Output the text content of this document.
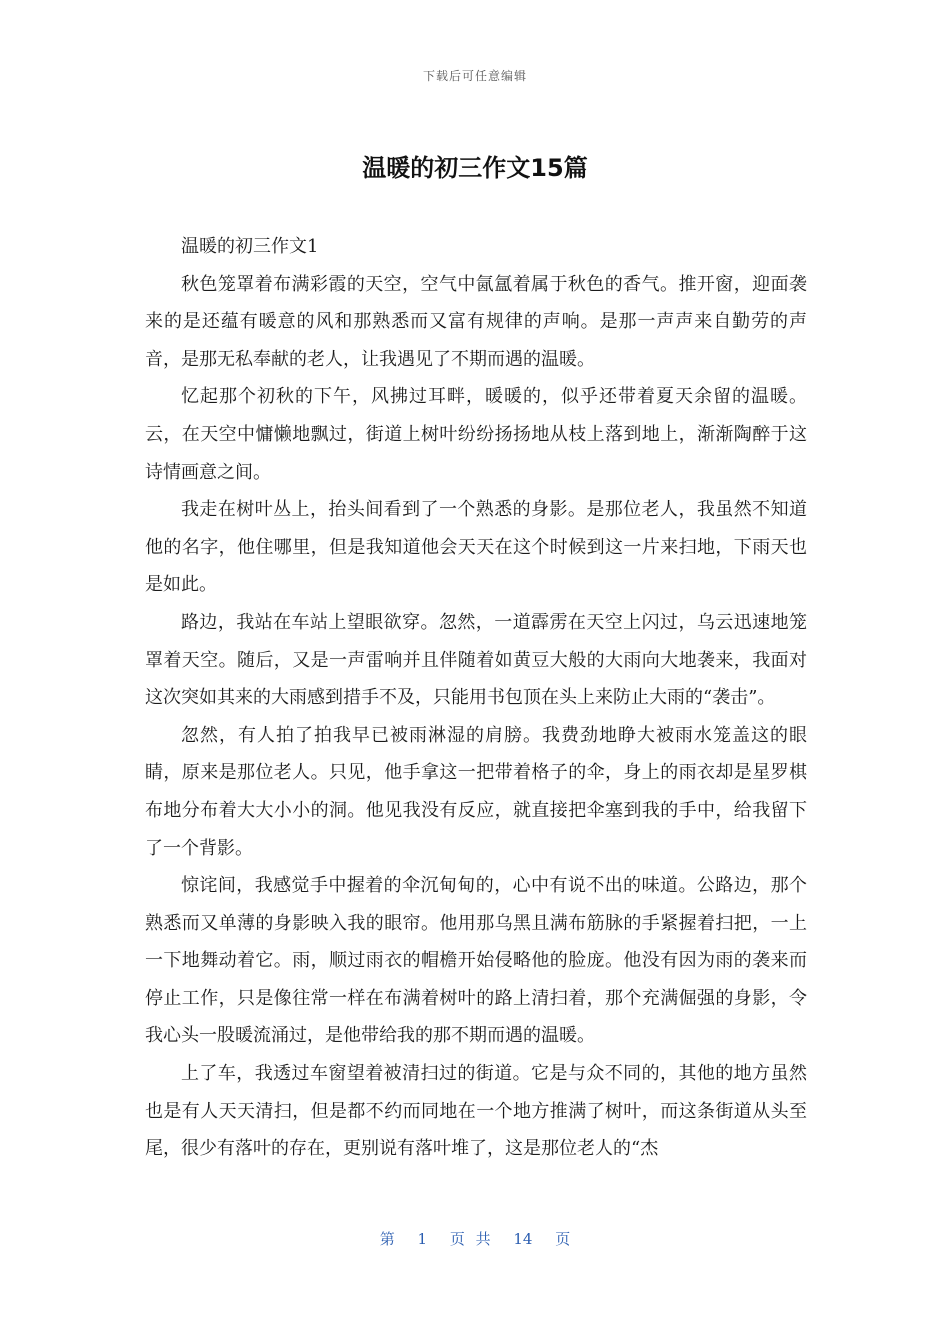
下载后可任意编辑
温暖的初三作文15篇

温暖的初三作文1

秋色笼罩着布满彩霞的天空，空气中氤氲着属于秋色的香气。推开窗，迎面袭来的是还蕴有暖意的风和那熟悉而又富有规律的声响。是那一声声来自勤劳的声音，是那无私奉献的老人，让我遇见了不期而遇的温暖。

忆起那个初秋的下午，风拂过耳畔，暖暖的，似乎还带着夏天余留的温暖。云，在天空中慵懒地飘过，街道上树叶纷纷扬扬地从枝上落到地上，渐渐陶醉于这诗情画意之间。

我走在树叶丛上，抬头间看到了一个熟悉的身影。是那位老人，我虽然不知道他的名字，他住哪里，但是我知道他会天天在这个时候到这一片来扫地，下雨天也是如此。

路边，我站在车站上望眼欲穿。忽然，一道霹雳在天空上闪过，乌云迅速地笼罩着天空。随后，又是一声雷响并且伴随着如黄豆大般的大雨向大地袭来，我面对这次突如其来的大雨感到措手不及，只能用书包顶在头上来防止大雨的“袭击”。

忽然，有人拍了拍我早已被雨淋湿的肩膀。我费劲地睁大被雨水笼盖这的眼睛，原来是那位老人。只见，他手拿这一把带着格子的伞，身上的雨衣却是星罗棋布地分布着大大小小的洞。他见我没有反应，就直接把伞塞到我的手中，给我留下了一个背影。

惊诧间，我感觉手中握着的伞沉甸甸的，心中有说不出的味道。公路边，那个熟悉而又单薄的身影映入我的眼帘。他用那乌黑且满布筋脉的手紧握着扫把，一上一下地舞动着它。雨，顺过雨衣的帽檐开始侵略他的脸庞。他没有因为雨的袭来而停止工作，只是像往常一样在布满着树叶的路上清扫着，那个充满倔强的身影，令我心头一股暖流涌过，是他带给我的那不期而遇的温暖。

上了车，我透过车窗望着被清扫过的街道。它是与众不同的，其他的地方虽然也是有人天天清扫，但是都不约而同地在一个地方推满了树叶，而这条街道从头至尾，很少有落叶的存在，更别说有落叶堆了，这是那位老人的“杰

第 1 页 共 14 页
